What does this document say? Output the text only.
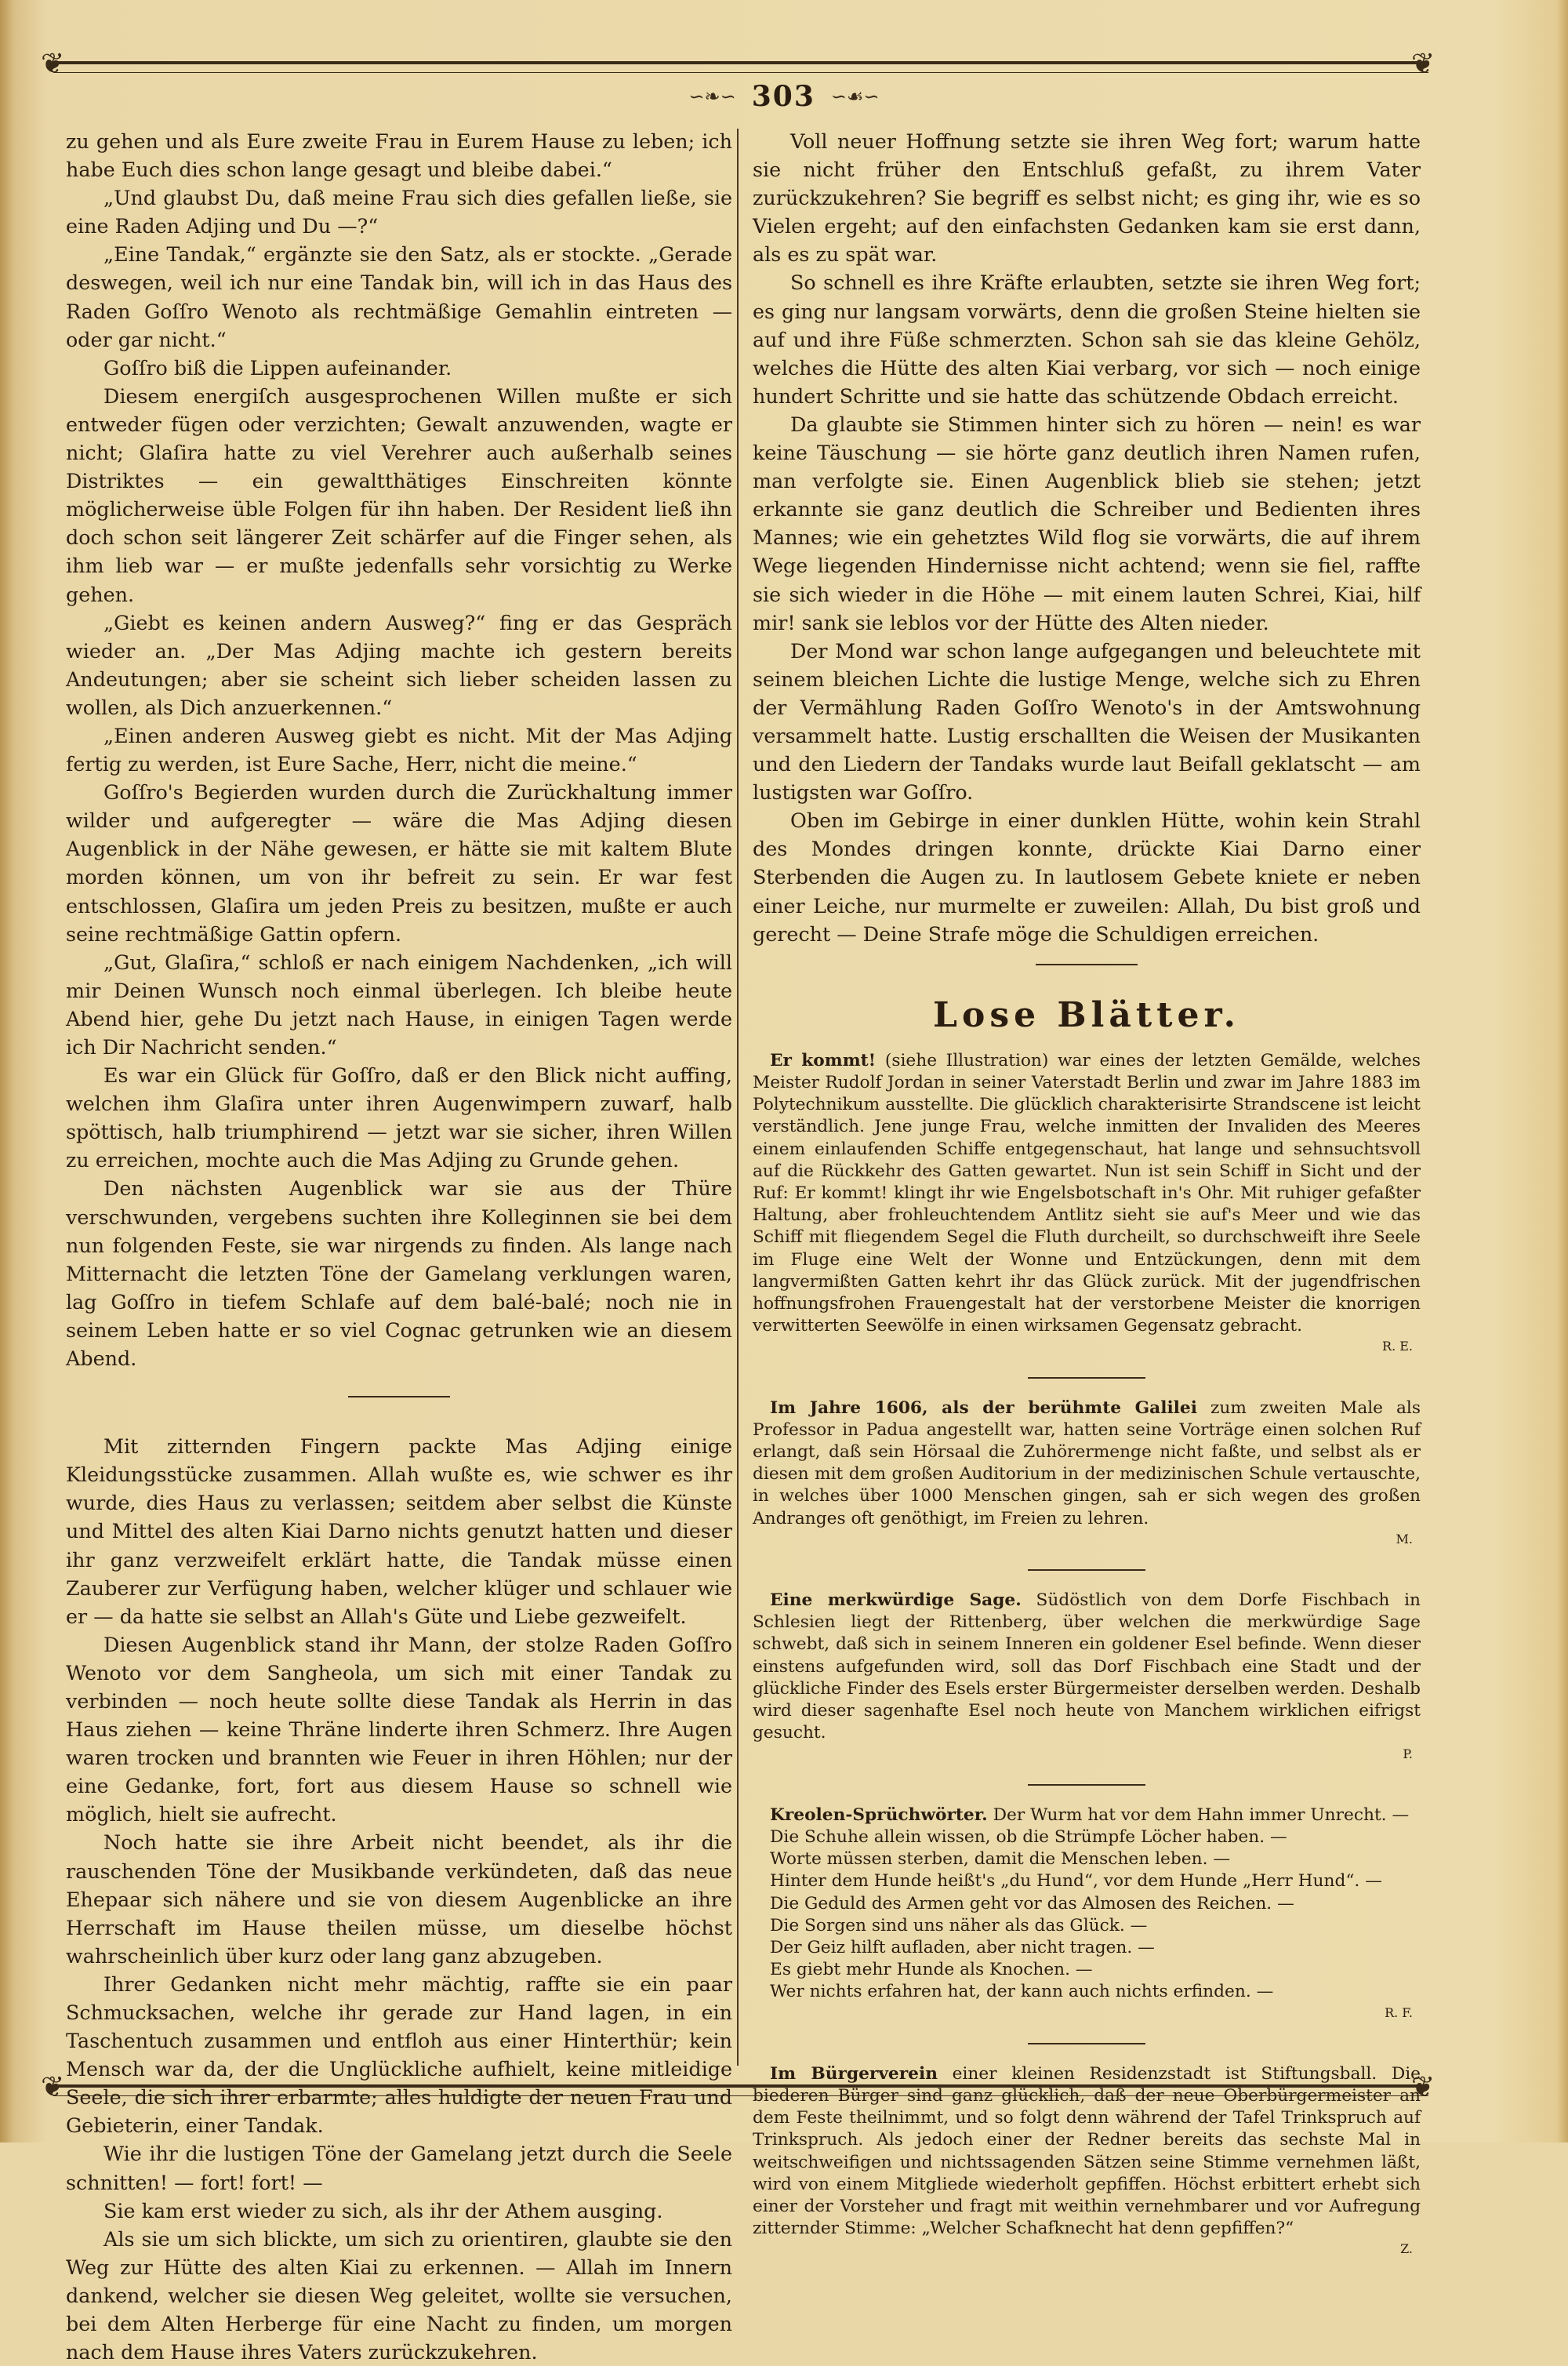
❦	❦
❦	❦
∽❧∽ 303 ∽☙∽

zu gehen und als Eure zweite Frau in Eurem Hause zu leben; ich habe Euch dies schon lange gesagt und bleibe dabei.“

„Und glaubst Du, daß meine Frau sich dies gefallen ließe, sie eine Raden Adjing und Du —?“

„Eine Tandak,“ ergänzte sie den Satz, als er stockte. „Gerade deswegen, weil ich nur eine Tandak bin, will ich in das Haus des Raden Goſſro Wenoto als rechtmäßige Gemahlin eintreten — oder gar nicht.“

Goſſro biß die Lippen aufeinander.

Diesem energiſch ausgesprochenen Willen mußte er sich entweder fügen oder verzichten; Gewalt anzuwenden, wagte er nicht; Glaſira hatte zu viel Verehrer auch außerhalb seines Distriktes — ein gewaltthätiges Einschreiten könnte möglicherweise üble Folgen für ihn haben. Der Resident ließ ihn doch schon seit längerer Zeit schärfer auf die Finger sehen, als ihm lieb war — er mußte jedenfalls sehr vorsichtig zu Werke gehen.

„Giebt es keinen andern Ausweg?“ fing er das Gespräch wieder an. „Der Mas Adjing machte ich gestern bereits Andeutungen; aber sie scheint sich lieber scheiden lassen zu wollen, als Dich anzuerkennen.“

„Einen anderen Ausweg giebt es nicht. Mit der Mas Adjing fertig zu werden, ist Eure Sache, Herr, nicht die meine.“

Goſſro's Begierden wurden durch die Zurückhaltung immer wilder und aufgeregter — wäre die Mas Adjing diesen Augenblick in der Nähe gewesen, er hätte sie mit kaltem Blute morden können, um von ihr befreit zu sein. Er war fest entschlossen, Glaſira um jeden Preis zu besitzen, mußte er auch seine rechtmäßige Gattin opfern.

„Gut, Glaſira,“ schloß er nach einigem Nachdenken, „ich will mir Deinen Wunsch noch einmal überlegen. Ich bleibe heute Abend hier, gehe Du jetzt nach Hause, in einigen Tagen werde ich Dir Nachricht senden.“

Es war ein Glück für Goſſro, daß er den Blick nicht auffing, welchen ihm Glaſira unter ihren Augenwimpern zuwarf, halb spöttisch, halb triumphirend — jetzt war sie sicher, ihren Willen zu erreichen, mochte auch die Mas Adjing zu Grunde gehen.

Den nächsten Augenblick war sie aus der Thüre verschwunden, vergebens suchten ihre Kolleginnen sie bei dem nun folgenden Feste, sie war nirgends zu finden. Als lange nach Mitternacht die letzten Töne der Gamelang verklungen waren, lag Goſſro in tiefem Schlafe auf dem balé-balé; noch nie in seinem Leben hatte er so viel Cognac getrunken wie an diesem Abend.

Mit zitternden Fingern packte Mas Adjing einige Kleidungsstücke zusammen. Allah wußte es, wie schwer es ihr wurde, dies Haus zu verlassen; seitdem aber selbst die Künste und Mittel des alten Kiai Darno nichts genutzt hatten und dieser ihr ganz verzweifelt erklärt hatte, die Tandak müsse einen Zauberer zur Verfügung haben, welcher klüger und schlauer wie er — da hatte sie selbst an Allah's Güte und Liebe gezweifelt.

Diesen Augenblick stand ihr Mann, der stolze Raden Goſſro Wenoto vor dem Sangheola, um sich mit einer Tandak zu verbinden — noch heute sollte diese Tandak als Herrin in das Haus ziehen — keine Thräne linderte ihren Schmerz. Ihre Augen waren trocken und brannten wie Feuer in ihren Höhlen; nur der eine Gedanke, fort, fort aus diesem Hause so schnell wie möglich, hielt sie aufrecht.

Noch hatte sie ihre Arbeit nicht beendet, als ihr die rauschenden Töne der Musikbande verkündeten, daß das neue Ehepaar sich nähere und sie von diesem Augenblicke an ihre Herrschaft im Hause theilen müsse, um dieselbe höchst wahrscheinlich über kurz oder lang ganz abzugeben.

Ihrer Gedanken nicht mehr mächtig, raffte sie ein paar Schmucksachen, welche ihr gerade zur Hand lagen, in ein Taschentuch zusammen und entfloh aus einer Hinterthür; kein Mensch war da, der die Unglückliche aufhielt, keine mitleidige Seele, die sich ihrer erbarmte; alles huldigte der neuen Frau und Gebieterin, einer Tandak.

Wie ihr die lustigen Töne der Gamelang jetzt durch die Seele schnitten! — fort! fort! —

Sie kam erst wieder zu sich, als ihr der Athem ausging.

Als sie um sich blickte, um sich zu orientiren, glaubte sie den Weg zur Hütte des alten Kiai zu erkennen. — Allah im Innern dankend, welcher sie diesen Weg geleitet, wollte sie versuchen, bei dem Alten Herberge für eine Nacht zu finden, um morgen nach dem Hause ihres Vaters zurückzukehren.

Voll neuer Hoffnung setzte sie ihren Weg fort; warum hatte sie nicht früher den Entschluß gefaßt, zu ihrem Vater zurückzukehren? Sie begriff es selbst nicht; es ging ihr, wie es so Vielen ergeht; auf den einfachsten Gedanken kam sie erst dann, als es zu spät war.

So schnell es ihre Kräfte erlaubten, setzte sie ihren Weg fort; es ging nur langsam vorwärts, denn die großen Steine hielten sie auf und ihre Füße schmerzten. Schon sah sie das kleine Gehölz, welches die Hütte des alten Kiai verbarg, vor sich — noch einige hundert Schritte und sie hatte das schützende Obdach erreicht.

Da glaubte sie Stimmen hinter sich zu hören — nein! es war keine Täuschung — sie hörte ganz deutlich ihren Namen rufen, man verfolgte sie. Einen Augenblick blieb sie stehen; jetzt erkannte sie ganz deutlich die Schreiber und Bedienten ihres Mannes; wie ein gehetztes Wild flog sie vorwärts, die auf ihrem Wege liegenden Hindernisse nicht achtend; wenn sie fiel, raffte sie sich wieder in die Höhe — mit einem lauten Schrei, Kiai, hilf mir! sank sie leblos vor der Hütte des Alten nieder.

Der Mond war schon lange aufgegangen und beleuchtete mit seinem bleichen Lichte die lustige Menge, welche sich zu Ehren der Vermählung Raden Goſſro Wenoto's in der Amtswohnung versammelt hatte. Lustig erschallten die Weisen der Musikanten und den Liedern der Tandaks wurde laut Beifall geklatscht — am lustigsten war Goſſro.

Oben im Gebirge in einer dunklen Hütte, wohin kein Strahl des Mondes dringen konnte, drückte Kiai Darno einer Sterbenden die Augen zu. In lautlosem Gebete kniete er neben einer Leiche, nur murmelte er zuweilen: Allah, Du bist groß und gerecht — Deine Strafe möge die Schuldigen erreichen.

Lose Blätter.

Er kommt! (siehe Illustration) war eines der letzten Gemälde, welches Meister Rudolf Jordan in seiner Vaterstadt Berlin und zwar im Jahre 1883 im Polytechnikum ausstellte. Die glücklich charakterisirte Strandscene ist leicht verständlich. Jene junge Frau, welche inmitten der Invaliden des Meeres einem einlaufenden Schiffe entgegenschaut, hat lange und sehnsuchtsvoll auf die Rückkehr des Gatten gewartet. Nun ist sein Schiff in Sicht und der Ruf: Er kommt! klingt ihr wie Engelsbotschaft in's Ohr. Mit ruhiger gefaßter Haltung, aber frohleuchtendem Antlitz sieht sie auf's Meer und wie das Schiff mit fliegendem Segel die Fluth durcheilt, so durchschweift ihre Seele im Fluge eine Welt der Wonne und Entzückungen, denn mit dem langvermißten Gatten kehrt ihr das Glück zurück. Mit der jugendfrischen hoffnungsfrohen Frauengestalt hat der verstorbene Meister die knorrigen verwitterten Seewölfe in einen wirksamen Gegensatz gebracht.

R. E.

Im Jahre 1606, als der berühmte Galilei zum zweiten Male als Professor in Padua angestellt war, hatten seine Vorträge einen solchen Ruf erlangt, daß sein Hörsaal die Zuhörermenge nicht faßte, und selbst als er diesen mit dem großen Auditorium in der medizinischen Schule vertauschte, in welches über 1000 Menschen gingen, sah er sich wegen des großen Andranges oft genöthigt, im Freien zu lehren.

M.

Eine merkwürdige Sage. Südöstlich von dem Dorfe Fischbach in Schlesien liegt der Rittenberg, über welchen die merkwürdige Sage schwebt, daß sich in seinem Inneren ein goldener Esel befinde. Wenn dieser einstens aufgefunden wird, soll das Dorf Fischbach eine Stadt und der glückliche Finder des Esels erster Bürgermeister derselben werden. Deshalb wird dieser sagenhafte Esel noch heute von Manchem wirklichen eifrigst gesucht.

P.

Kreolen-Sprüchwörter. Der Wurm hat vor dem Hahn immer Unrecht. —

Die Schuhe allein wissen, ob die Strümpfe Löcher haben. —
Worte müssen sterben, damit die Menschen leben. —
Hinter dem Hunde heißt's „du Hund“, vor dem Hunde „Herr Hund“. —
Die Geduld des Armen geht vor das Almosen des Reichen. —
Die Sorgen sind uns näher als das Glück. —
Der Geiz hilft aufladen, aber nicht tragen. —
Es giebt mehr Hunde als Knochen. —
Wer nichts erfahren hat, der kann auch nichts erfinden. —
R. F.

Im Bürgerverein einer kleinen Residenzstadt ist Stiftungsball. Die biederen Bürger sind ganz glücklich, daß der neue Oberbürgermeister an dem Feste theilnimmt, und so folgt denn während der Tafel Trinkspruch auf Trinkspruch. Als jedoch einer der Redner bereits das sechste Mal in weitschweifigen und nichtssagenden Sätzen seine Stimme vernehmen läßt, wird von einem Mitgliede wiederholt gepfiffen. Höchst erbittert erhebt sich einer der Vorsteher und fragt mit weithin vernehmbarer und vor Aufregung zitternder Stimme: „Welcher Schafknecht hat denn gepfiffen?“

Z.
